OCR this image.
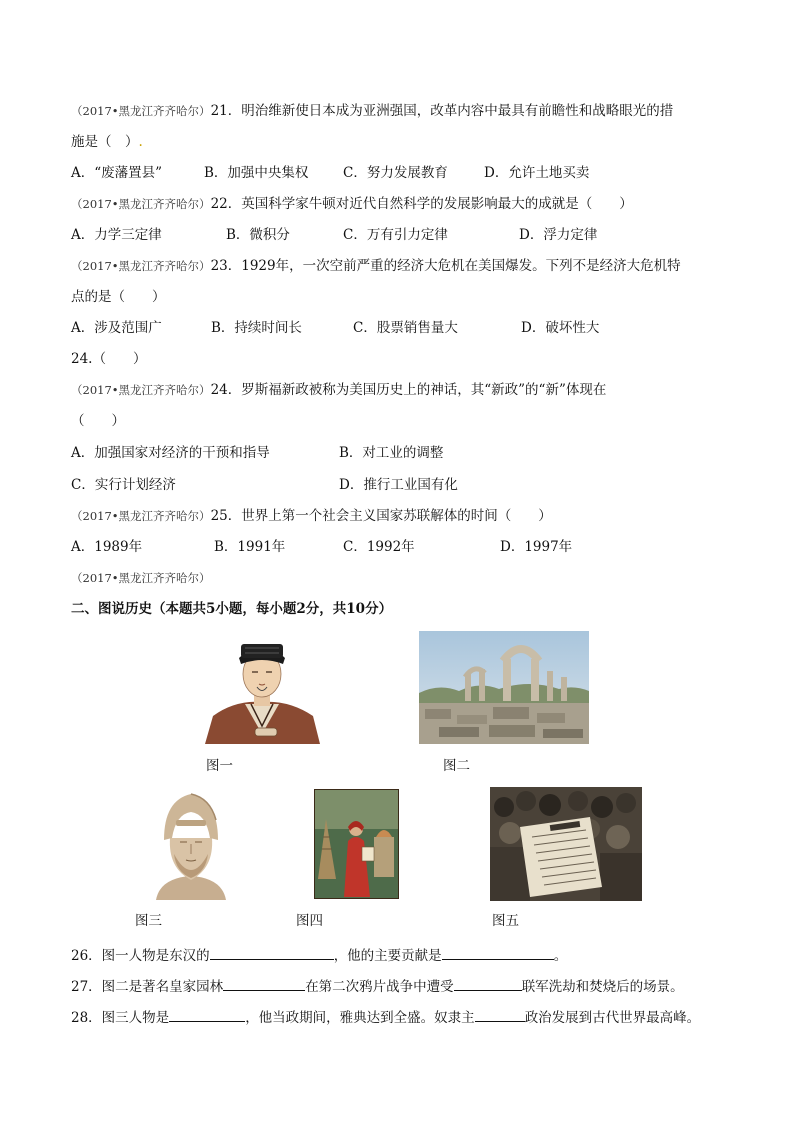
（2017•黑龙江齐齐哈尔）21．明治维新使日本成为亚洲强国，改革内容中最具有前瞻性和战略眼光的措
施是（　）.
A．“废藩置县”	B．加强中央集权	C．努力发展教育	D．允许土地买卖
（2017•黑龙江齐齐哈尔）22．英国科学家牛顿对近代自然科学的发展影响最大的成就是（　　）
A．力学三定律	B．微积分	C．万有引力定律	D．浮力定律
（2017•黑龙江齐齐哈尔）23．1929年，一次空前严重的经济大危机在美国爆发。下列不是经济大危机特
点的是（　　）
A．涉及范围广	B．持续时间长	C．股票销售量大	D．破坏性大
24.（　　）
（2017•黑龙江齐齐哈尔）24．罗斯福新政被称为美国历史上的神话，其“新政”的“新”体现在
（　　）
A．加强国家对经济的干预和指导	B．对工业的调整
C．实行计划经济	D．推行工业国有化
（2017•黑龙江齐齐哈尔）25．世界上第一个社会主义国家苏联解体的时间（　　）
A．1989年	B．1991年	C．1992年	D．1997年
（2017•黑龙江齐齐哈尔）
二、图说历史（本题共5小题，每小题2分，共10分）
图一	图二
图三	图四	图五
26．图一人物是东汉的	，他的主要贡献是	。
27．图二是著名皇家园林	在第二次鸦片战争中遭受	联军洗劫和焚烧后的场景。
28．图三人物是	，他当政期间，雅典达到全盛。奴隶主	政治发展到古代世界最高峰。
